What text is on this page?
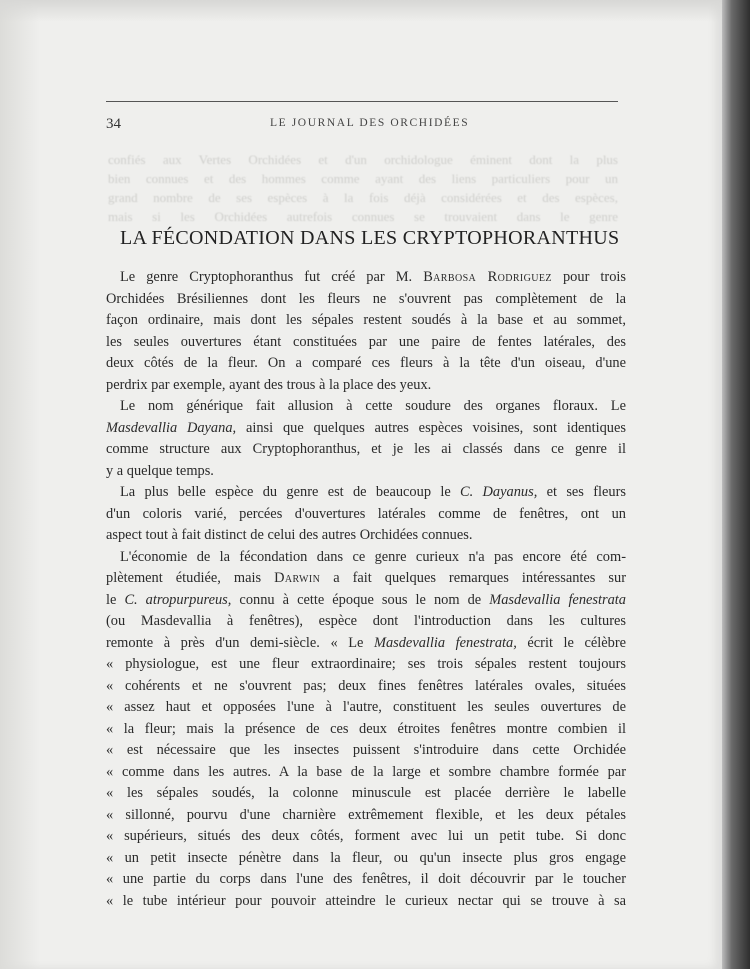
34	LE JOURNAL DES ORCHIDÉES
confiés aux Vertes Orchidées et d'un orchidologue éminent dont la plus
bien connues et des hommes comme ayant des liens particuliers pour un
grand nombre de ses espèces à la fois déjà considérées et des espèces,
mais si les Orchidées autrefois connues se trouvaient dans le genre
LA FÉCONDATION DANS LES CRYPTOPHORANTHUS
Le genre Cryptophoranthus fut créé par M. Barbosa Rodriguez pour trois
Orchidées Brésiliennes dont les fleurs ne s'ouvrent pas complètement de la
façon ordinaire, mais dont les sépales restent soudés à la base et au sommet,
les seules ouvertures étant constituées par une paire de fentes latérales, des
deux côtés de la fleur. On a comparé ces fleurs à la tête d'un oiseau, d'une
perdrix par exemple, ayant des trous à la place des yeux.
Le nom générique fait allusion à cette soudure des organes floraux. Le
Masdevallia Dayana, ainsi que quelques autres espèces voisines, sont identiques
comme structure aux Cryptophoranthus, et je les ai classés dans ce genre il
y a quelque temps.
La plus belle espèce du genre est de beaucoup le C. Dayanus, et ses fleurs
d'un coloris varié, percées d'ouvertures latérales comme de fenêtres, ont un
aspect tout à fait distinct de celui des autres Orchidées connues.
L'économie de la fécondation dans ce genre curieux n'a pas encore été com-
plètement étudiée, mais Darwin a fait quelques remarques intéressantes sur
le C. atropurpureus, connu à cette époque sous le nom de Masdevallia fenestrata
(ou Masdevallia à fenêtres), espèce dont l'introduction dans les cultures
remonte à près d'un demi-siècle. « Le Masdevallia fenestrata, écrit le célèbre
« physiologue, est une fleur extraordinaire; ses trois sépales restent toujours
« cohérents et ne s'ouvrent pas; deux fines fenêtres latérales ovales, situées
« assez haut et opposées l'une à l'autre, constituent les seules ouvertures de
« la fleur; mais la présence de ces deux étroites fenêtres montre combien il
« est nécessaire que les insectes puissent s'introduire dans cette Orchidée
« comme dans les autres. A la base de la large et sombre chambre formée par
« les sépales soudés, la colonne minuscule est placée derrière le labelle
« sillonné, pourvu d'une charnière extrêmement flexible, et les deux pétales
« supérieurs, situés des deux côtés, forment avec lui un petit tube. Si donc
« un petit insecte pénètre dans la fleur, ou qu'un insecte plus gros engage
« une partie du corps dans l'une des fenêtres, il doit découvrir par le toucher
« le tube intérieur pour pouvoir atteindre le curieux nectar qui se trouve à sa
